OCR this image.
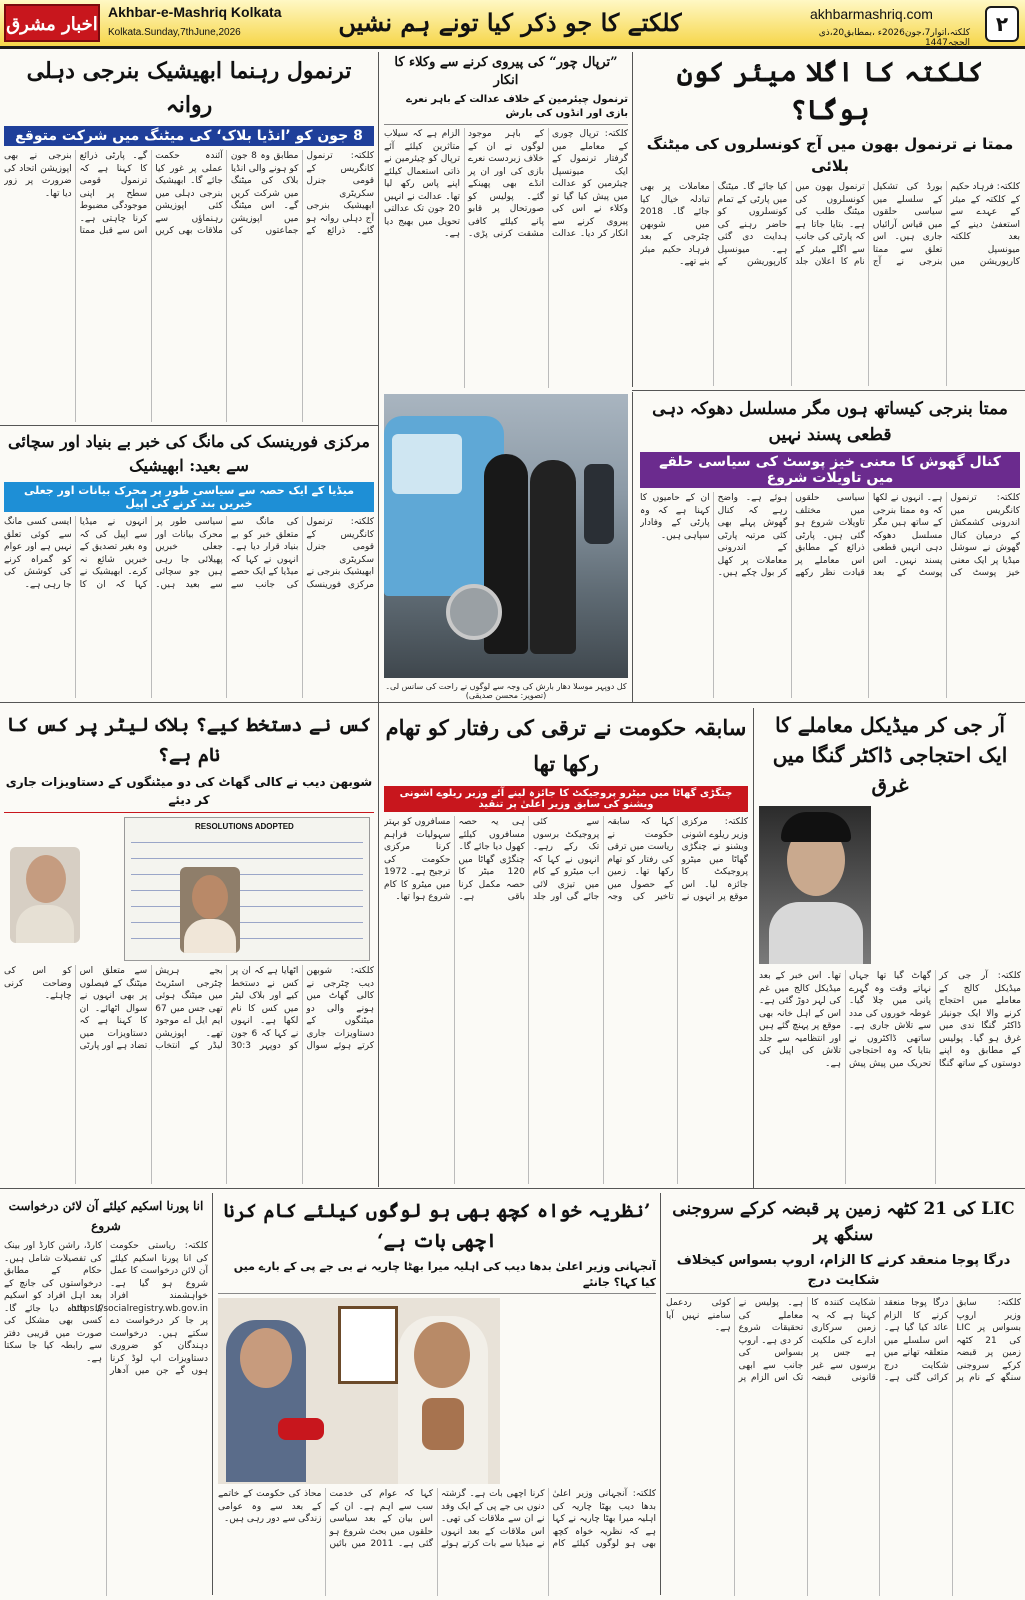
اخبار مشرق
Akhbar-e-Mashriq Kolkata
Kolkata.Sunday,7thJune,2026	کلکتے کا جو ذکر کیا تونے ہم نشیں	akhbarmashriq.com
کلکتہ،اتوار7،جون2026ء ،بمطابق20،ذی الحجہ1447
۲
کلکتہ کا اگلا میئر کون ہوگا؟
ممتا نے ترنمول بھون میں آج کونسلروں کی میٹنگ بلائی
کلکتہ: فرہاد حکیم کے کلکتہ کے میئر کے عہدے سے استعفیٰ دینے کے بعد کلکتہ میونسپل کارپوریشن میں بورڈ کی تشکیل کے سلسلے میں سیاسی حلقوں میں قیاس آرائیاں جاری ہیں۔ اس تعلق سے ممتا بنرجی نے آج ترنمول بھون میں کونسلروں کی میٹنگ طلب کی ہے۔ بتایا جاتا ہے کہ پارٹی کی جانب سے اگلے میئر کے نام کا اعلان جلد کیا جائے گا۔ میٹنگ میں پارٹی کے تمام کونسلروں کو حاضر رہنے کی ہدایت دی گئی ہے۔ میونسپل کارپوریشن کے معاملات پر بھی تبادلہ خیال کیا جائے گا۔ 2018 میں شوبھن چٹرجی کے بعد فرہاد حکیم میئر بنے تھے۔
ممتا بنرجی کیساتھ ہوں مگر مسلسل دھوکہ دہی قطعی پسند نہیں
کنال گھوش کا معنی خیز پوسٹ کی سیاسی حلقے میں تاویلات شروع
کلکتہ: ترنمول کانگریس میں اندرونی کشمکش کے درمیان کنال گھوش نے سوشل میڈیا پر ایک معنی خیز پوسٹ کی ہے۔ انہوں نے لکھا کہ وہ ممتا بنرجی کے ساتھ ہیں مگر مسلسل دھوکہ دہی انہیں قطعی پسند نہیں۔ اس پوسٹ کے بعد سیاسی حلقوں میں مختلف تاویلات شروع ہو گئی ہیں۔ پارٹی ذرائع کے مطابق اس معاملے پر قیادت نظر رکھے ہوئے ہے۔ واضح رہے کہ کنال گھوش پہلے بھی کئی مرتبہ پارٹی کے اندرونی معاملات پر کھل کر بول چکے ہیں۔ ان کے حامیوں کا کہنا ہے کہ وہ پارٹی کے وفادار سپاہی ہیں۔
”ترپال چور“ کی پیروی کرنے سے وکلاء کا انکار
ترنمول چیئرمین کے خلاف عدالت کے باہر نعرے بازی اور انڈوں کی بارش
کلکتہ: ترپال چوری کے معاملے میں گرفتار ترنمول کے ایک میونسپل چیئرمین کو عدالت میں پیش کیا گیا تو وکلاء نے اس کی پیروی کرنے سے انکار کر دیا۔ عدالت کے باہر موجود لوگوں نے ان کے خلاف زبردست نعرے بازی کی اور ان پر انڈے بھی پھینکے گئے۔ پولیس کو صورتحال پر قابو پانے کیلئے کافی مشقت کرنی پڑی۔ الزام ہے کہ سیلاب متاثرین کیلئے آئے ترپال کو چیئرمین نے ذاتی استعمال کیلئے اپنے پاس رکھ لیا تھا۔ عدالت نے انہیں 20 جون تک عدالتی تحویل میں بھیج دیا ہے۔
کل دوپہر موسلا دھار بارش کی وجہ سے لوگوں نے راحت کی سانس لی۔ (تصویر: محسن صدیقی)
ترنمول رہنما ابھیشیک بنرجی دہلی روانہ
8 جون کو ’انڈیا بلاک‘ کی میٹنگ میں شرکت متوقع
کلکتہ: ترنمول کانگریس کے قومی جنرل سکریٹری ابھیشیک بنرجی آج دہلی روانہ ہو گئے۔ ذرائع کے مطابق وہ 8 جون کو ہونے والی انڈیا بلاک کی میٹنگ میں شرکت کریں گے۔ اس میٹنگ میں اپوزیشن جماعتوں کی آئندہ حکمت عملی پر غور کیا جائے گا۔ ابھیشیک بنرجی دہلی میں کئی اپوزیشن رہنماؤں سے ملاقات بھی کریں گے۔ پارٹی ذرائع کا کہنا ہے کہ ترنمول قومی سطح پر اپنی موجودگی مضبوط کرنا چاہتی ہے۔ اس سے قبل ممتا بنرجی نے بھی اپوزیشن اتحاد کی ضرورت پر زور دیا تھا۔
مرکزی فورینسک کی مانگ کی خبر بے بنیاد اور سچائی سے بعید: ابھیشیک
میڈیا کے ایک حصہ سے سیاسی طور پر محرک بیانات اور جعلی خبریں بند کرنے کی اپیل
کلکتہ: ترنمول کانگریس کے قومی جنرل سکریٹری ابھیشیک بنرجی نے مرکزی فورینسک کی مانگ سے متعلق خبر کو بے بنیاد قرار دیا ہے۔ انہوں نے کہا کہ میڈیا کے ایک حصے کی جانب سے سیاسی طور پر محرک بیانات اور جعلی خبریں پھیلائی جا رہی ہیں جو سچائی سے بعید ہیں۔ انہوں نے میڈیا سے اپیل کی کہ وہ بغیر تصدیق کے خبریں شائع نہ کرے۔ ابھیشیک نے کہا کہ ان کا ایسی کسی مانگ سے کوئی تعلق نہیں ہے اور عوام کو گمراہ کرنے کی کوشش کی جا رہی ہے۔
آر جی کر میڈیکل معاملے کا ایک احتجاجی ڈاکٹر گنگا میں غرق
کلکتہ: آر جی کر میڈیکل کالج کے معاملے میں احتجاج کرنے والا ایک جونیئر ڈاکٹر گنگا ندی میں غرق ہو گیا۔ پولیس کے مطابق وہ اپنے دوستوں کے ساتھ گنگا گھاٹ گیا تھا جہاں نہاتے وقت وہ گہرے پانی میں چلا گیا۔ غوطہ خوروں کی مدد سے تلاش جاری ہے۔ ساتھی ڈاکٹروں نے بتایا کہ وہ احتجاجی تحریک میں پیش پیش تھا۔ اس خبر کے بعد میڈیکل کالج میں غم کی لہر دوڑ گئی ہے۔ اس کے اہل خانہ بھی موقع پر پہنچ گئے ہیں اور انتظامیہ سے جلد تلاش کی اپیل کی ہے۔
سابقہ حکومت نے ترقی کی رفتار کو تھام رکھا تھا
چنگڑی گھاٹا میں میٹرو پروجیکٹ کا جائزہ لینے آئے وزیر ریلوے اشونی ویشنو کی سابق وزیر اعلیٰ پر تنقید
کلکتہ: مرکزی وزیر ریلوے اشونی ویشنو نے چنگڑی گھاٹا میں میٹرو پروجیکٹ کا جائزہ لیا۔ اس موقع پر انہوں نے کہا کہ سابقہ حکومت نے ریاست میں ترقی کی رفتار کو تھام رکھا تھا۔ زمین کے حصول میں تاخیر کی وجہ سے کئی پروجیکٹ برسوں تک رکے رہے۔ انہوں نے کہا کہ اب میٹرو کے کام میں تیزی لائی جائے گی اور جلد ہی یہ حصہ مسافروں کیلئے کھول دیا جائے گا۔ چنگڑی گھاٹا میں 120 میٹر کا حصہ مکمل کرنا باقی ہے۔ مسافروں کو بہتر سہولیات فراہم کرنا مرکزی حکومت کی ترجیح ہے۔ 1972 میں میٹرو کا کام شروع ہوا تھا۔
کس نے دستخط کیے؟ بلاک لیٹر پر کس کا نام ہے؟
شوبھن دیب نے کالی گھاٹ کی دو میٹنگوں کے دستاویزات جاری کر دیئے
RESOLUTIONS ADOPTED
کلکتہ: شوبھن دیب چٹرجی نے کالی گھاٹ میں ہونے والی دو میٹنگوں کے دستاویزات جاری کرتے ہوئے سوال اٹھایا ہے کہ ان پر کس نے دستخط کیے اور بلاک لیٹر میں کس کا نام لکھا ہے۔ انہوں نے کہا کہ 6 جون کو دوپہر 30:3 بجے ہریش چٹرجی اسٹریٹ میں میٹنگ ہوئی تھی جس میں 67 ایم ایل اے موجود تھے۔ اپوزیشن لیڈر کے انتخاب سے متعلق اس میٹنگ کے فیصلوں پر بھی انہوں نے سوال اٹھائے۔ ان کا کہنا ہے کہ دستاویزات میں تضاد ہے اور پارٹی کو اس کی وضاحت کرنی چاہئے۔
LIC کی 21 کٹھہ زمین پر قبضہ کرکے سروجنی سنگھ پر
درگا پوجا منعقد کرنے کا الزام، اروپ بسواس کیخلاف شکایت درج
کلکتہ: سابق وزیر اروپ بسواس پر LIC کی 21 کٹھہ زمین پر قبضہ کرکے سروجنی سنگھ کے نام پر درگا پوجا منعقد کرنے کا الزام عائد کیا گیا ہے۔ اس سلسلے میں متعلقہ تھانے میں شکایت درج کرائی گئی ہے۔ شکایت کنندہ کا کہنا ہے کہ یہ زمین سرکاری ادارے کی ملکیت ہے جس پر برسوں سے غیر قانونی قبضہ ہے۔ پولیس نے معاملے کی تحقیقات شروع کر دی ہے۔ اروپ بسواس کی جانب سے ابھی تک اس الزام پر کوئی ردعمل سامنے نہیں آیا ہے۔
’نظریہ خواہ کچھ بھی ہو لوگوں کیلئے کام کرنا اچھی بات ہے‘
آنجہانی وزیر اعلیٰ بدھا دیب کی اہلیہ میرا بھٹا چاریہ نے بی جے پی کے بارے میں کیا کہا؟ جانئے
کلکتہ: آنجہانی وزیر اعلیٰ بدھا دیب بھٹا چاریہ کی اہلیہ میرا بھٹا چاریہ نے کہا ہے کہ نظریہ خواہ کچھ بھی ہو لوگوں کیلئے کام کرنا اچھی بات ہے۔ گزشتہ دنوں بی جے پی کے ایک وفد نے ان سے ملاقات کی تھی۔ اس ملاقات کے بعد انہوں نے میڈیا سے بات کرتے ہوئے کہا کہ عوام کی خدمت سب سے اہم ہے۔ ان کے اس بیان کے بعد سیاسی حلقوں میں بحث شروع ہو گئی ہے۔ 2011 میں بائیں محاذ کی حکومت کے خاتمے کے بعد سے وہ عوامی زندگی سے دور رہی ہیں۔
انا پورنا اسکیم کیلئے آن لائن درخواست شروع
کلکتہ: ریاستی حکومت کی انا پورنا اسکیم کیلئے آن لائن درخواست کا عمل شروع ہو گیا ہے۔ خواہشمند افراد https://socialregistry.wb.gov.in پر جا کر درخواست دے سکتے ہیں۔ درخواست دہندگان کو ضروری دستاویزات اپ لوڈ کرنا ہوں گے جن میں آدھار کارڈ، راشن کارڈ اور بینک کی تفصیلات شامل ہیں۔ حکام کے مطابق درخواستوں کی جانچ کے بعد اہل افراد کو اسکیم کا فائدہ دیا جائے گا۔ کسی بھی مشکل کی صورت میں قریبی دفتر سے رابطہ کیا جا سکتا ہے۔
